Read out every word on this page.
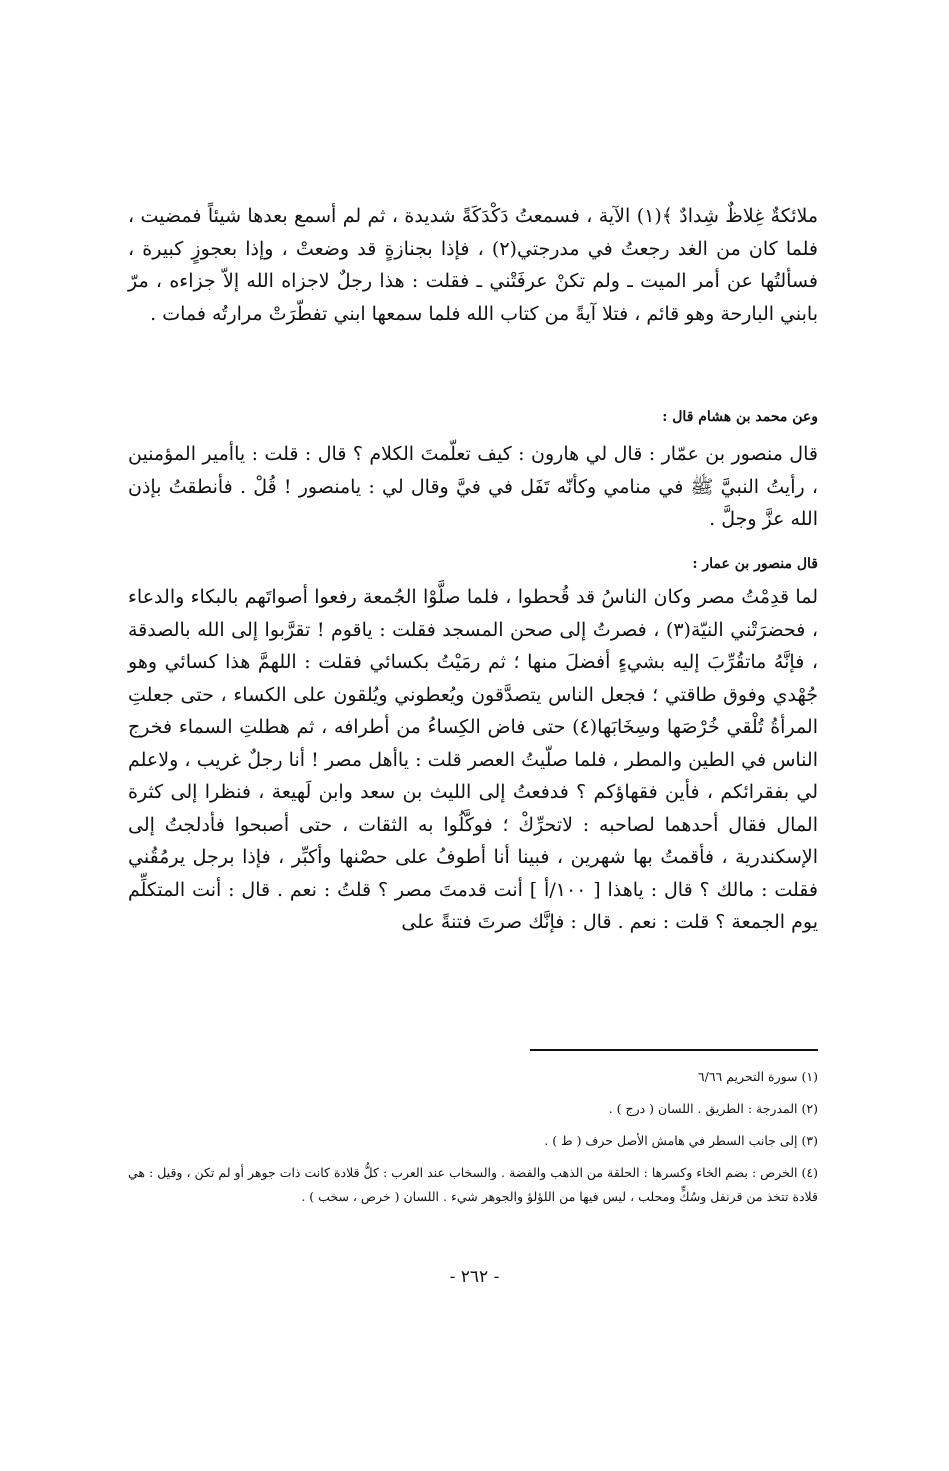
ملائكةٌ غِلاظٌ شِدادٌ ﴾(١) الآية ، فسمعتُ دَكْدَكَةً شديدة ، ثم لم أسمع بعدها شيئاً فمضيت ، فلما كان من الغد رجعتُ في مدرجتي(٢) ، فإذا بجنازةٍ قد وضعتْ ، وإذا بعجوزٍ كبيرة ، فسألتُها عن أمر الميت ـ ولم تكنْ عرفَتْني ـ فقلت : هذا رجلٌ لاجزاه الله إلاّ جزاءه ، مرّ بابني البارحة وهو قائم ، فتلا آيةً من كتاب الله فلما سمعها ابني تفطّرَتْ مرارتُه فمات .

وعن محمد بن هشام قال :

قال منصور بن عمّار : قال لي هارون : كيف تعلّمتَ الكلام ؟ قال : قلت : ياأمير المؤمنين ، رأيتُ النبيَّ ﷺ في منامي وكأنّه تَفَل في فيَّ وقال لي : يامنصور ! قُلْ . فأنطقتُ بإذن الله عزَّ وجلَّ .

قال منصور بن عمار :

لما قدِمْتُ مصر وكان الناسُ قد قُحطوا ، فلما صلَّوْا الجُمعة رفعوا أصواتَهم بالبكاء والدعاء ، فحضرَتْني النيّة(٣) ، فصرتُ إلى صحن المسجد فقلت : ياقوم ! تقرَّبوا إلى الله بالصدقة ، فإنَّهُ ماتقُرِّبَ إليه بشيءٍ أفضلَ منها ؛ ثم رمَيْتُ بكسائي فقلت : اللهمَّ هذا كسائي وهو جُهْدي وفوق طاقتي ؛ فجعل الناس يتصدَّقون ويُعطوني ويُلقون على الكساء ، حتى جعلتِ المرأةُ تُلْقي خُرْصَها وسِخَابَها(٤) حتى فاض الكِساءُ من أطرافه ، ثم هطلتِ السماء فخرج الناس في الطين والمطر ، فلما صلّيتُ العصر قلت : ياأهل مصر ! أنا رجلٌ غريب ، ولاعلم لي بفقرائكم ، فأين فقهاؤكم ؟ فدفعتُ إلى الليث بن سعد وابن لَهيعة ، فنظرا إلى كثرة المال فقال أحدهما لصاحبه : لاتحرِّكْ ؛ فوكَّلُوا به الثقات ، حتى أصبحوا فأدلجتُ إلى الإسكندرية ، فأقمتُ بها شهرين ، فبينا أنا أطوفُ على حصْنها وأكبِّر ، فإذا برجل يرمُقُني فقلت : مالك ؟ قال : ياهذا [ ١٠٠/أ ] أنت قدمتَ مصر ؟ قلتُ : نعم . قال : أنت المتكلِّم يوم الجمعة ؟ قلت : نعم . قال : فإنَّك صرتَ فتنةً على

(١) سورة التحريم ٦/٦٦

(٢) المدرجة : الطريق . اللسان ( درج ) .

(٣) إلى جانب السطر في هامش الأصل حرف ( ط ) .

(٤) الخرص : بضم الخاء وكسرها : الحلقة من الذهب والفضة . والسخاب عند العرب : كلُّ قلادة كانت ذات جوهر أو لم تكن ، وقيل : هي قلادة تتخذ من قرنفل وسُكٍّ ومحلب ، ليس فيها من اللؤلؤ والجوهر شيء . اللسان ( خرص ، سخب ) .

- ٢٦٢ -
